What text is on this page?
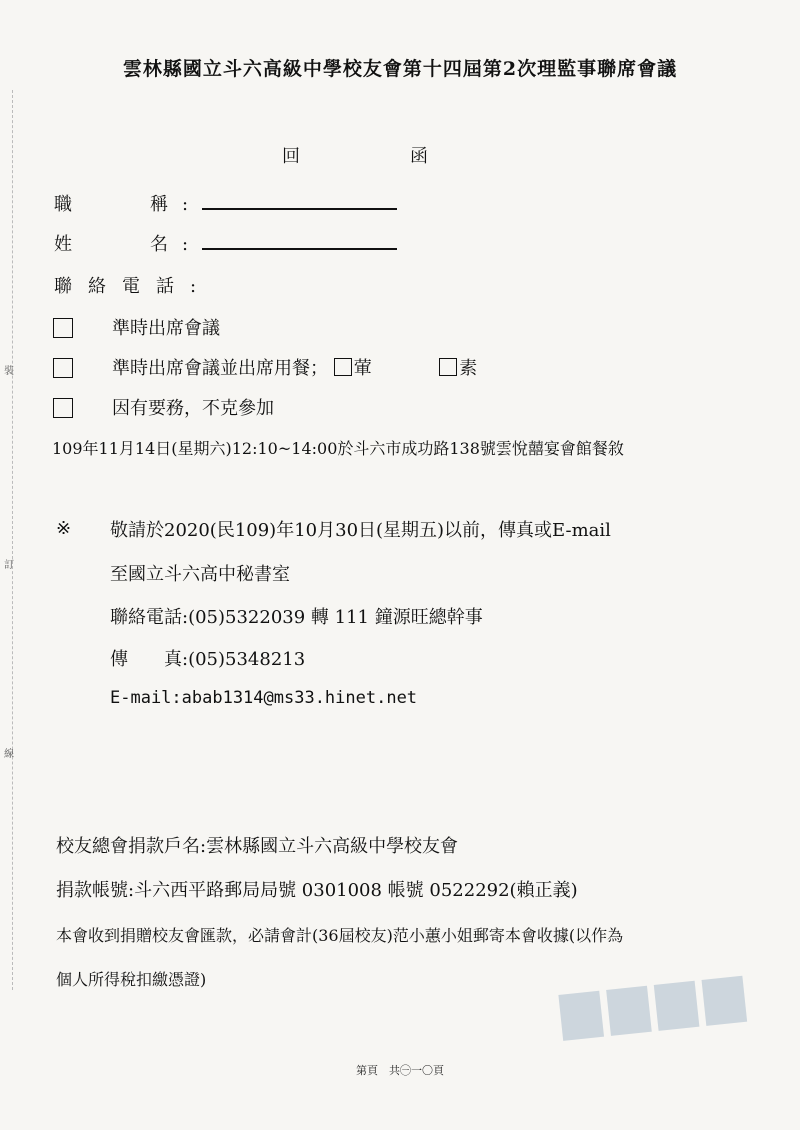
▆▆▆▆
裝
訂
線
雲林縣國立斗六高級中學校友會第十四屆第2次理監事聯席會議
回	函
職　　稱:
姓　　名:
聯絡電話:
準時出席會議
準時出席會議並出席用餐； 葷	素
因有要務，不克參加
109年11月14日(星期六)12:10~14:00於斗六市成功路138號雲悅囍宴會館餐敘
※ 敬請於2020(民109)年10月30日(星期五)以前，傳真或E-mail
至國立斗六高中秘書室
聯絡電話:(05)5322039 轉 111 鐘源旺總幹事
傳　　真:(05)5348213
E-mail:abab1314@ms33.hinet.net
校友總會捐款戶名:雲林縣國立斗六高級中學校友會
捐款帳號:斗六西平路郵局局號 0301008 帳號 0522292(賴正義)
本會收到捐贈校友會匯款，必請會計(36屆校友)范小蕙小姐郵寄本會收據(以作為
個人所得稅扣繳憑證)
第頁　共㊀一〇頁
